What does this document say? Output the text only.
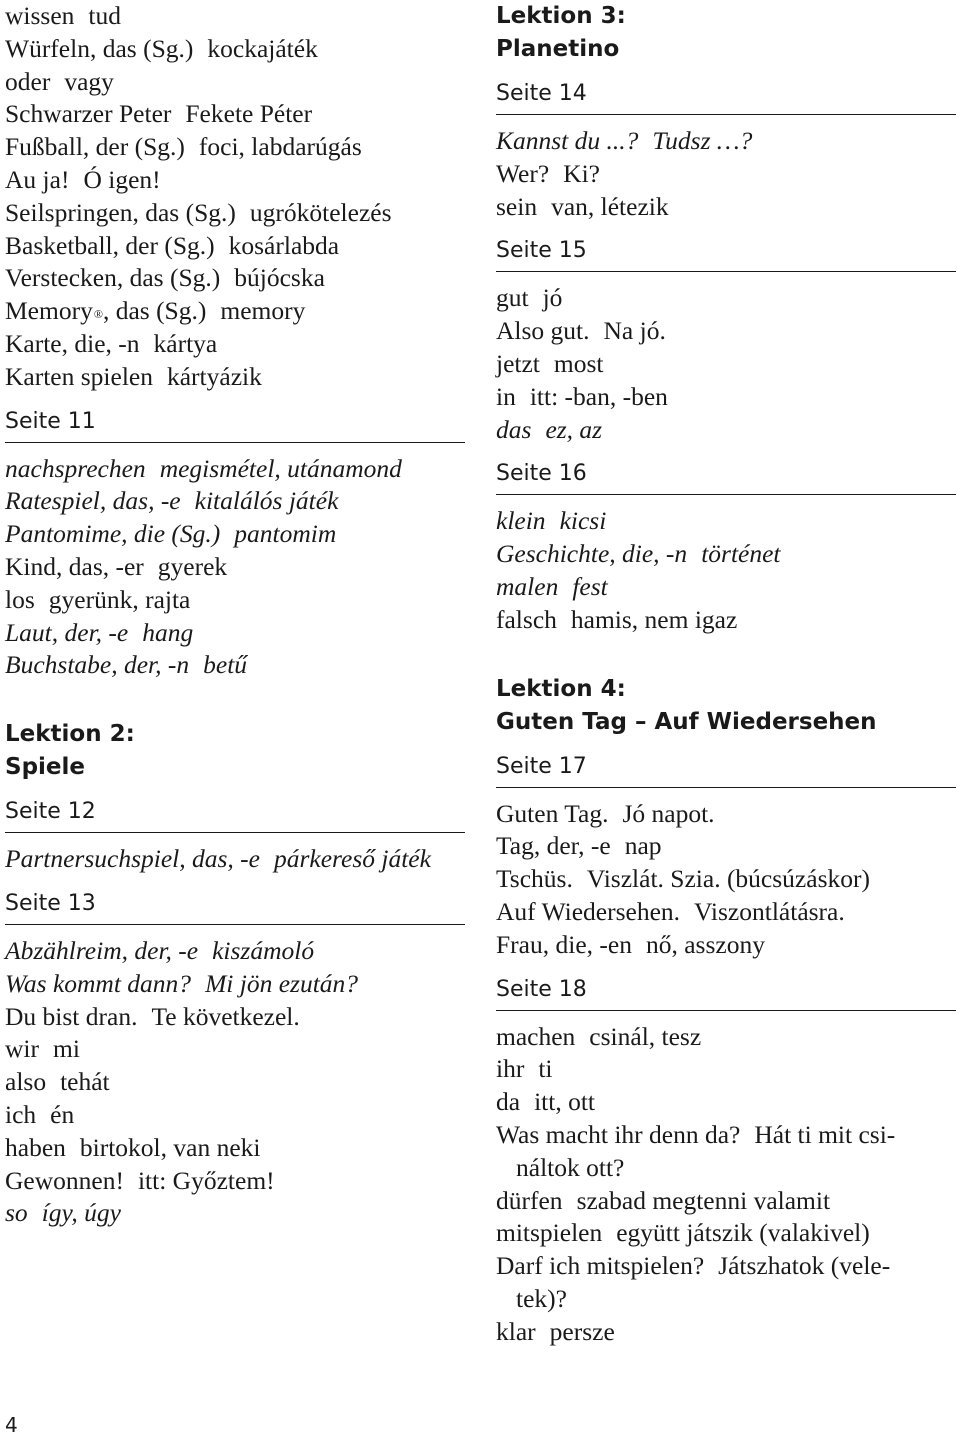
wissen tud
Würfeln, das (Sg.) kockajáték
oder vagy
Schwarzer Peter Fekete Péter
Fußball, der (Sg.) foci, labdarúgás
Au ja! Ó igen!
Seilspringen, das (Sg.) ugrókötelezés
Basketball, der (Sg.) kosárlabda
Verstecken, das (Sg.) bújócska
Memory®, das (Sg.) memory
Karte, die, -n kártya
Karten spielen kártyázik
Seite 11
nachsprechen megismétel, utánamond
Ratespiel, das, -e kitalálós játék
Pantomime, die (Sg.) pantomim
Kind, das, -er gyerek
los gyerünk, rajta
Laut, der, -e hang
Buchstabe, der, -n betű
Lektion 2:
Spiele
Seite 12
Partnersuchspiel, das, -e párkereső játék
Seite 13
Abzählreim, der, -e kiszámoló
Was kommt dann? Mi jön ezután?
Du bist dran. Te következel.
wir mi
also tehát
ich én
haben birtokol, van neki
Gewonnen! itt: Győztem!
so így, úgy
Lektion 3:
Planetino
Seite 14
Kannst du ...? Tudsz …?
Wer? Ki?
sein van, létezik
Seite 15
gut jó
Also gut. Na jó.
jetzt most
in itt: -ban, -ben
das ez, az
Seite 16
klein kicsi
Geschichte, die, -n történet
malen fest
falsch hamis, nem igaz
Lektion 4:
Guten Tag – Auf Wiedersehen
Seite 17
Guten Tag. Jó napot.
Tag, der, -e nap
Tschüs. Viszlát. Szia. (búcsúzáskor)
Auf Wiedersehen. Viszontlátásra.
Frau, die, -en nő, asszony
Seite 18
machen csinál, tesz
ihr ti
da itt, ott
Was macht ihr denn da? Hát ti mit csi-
náltok ott?
dürfen szabad megtenni valamit
mitspielen együtt játszik (valakivel)
Darf ich mitspielen? Játszhatok (vele-
tek)?
klar persze
4
